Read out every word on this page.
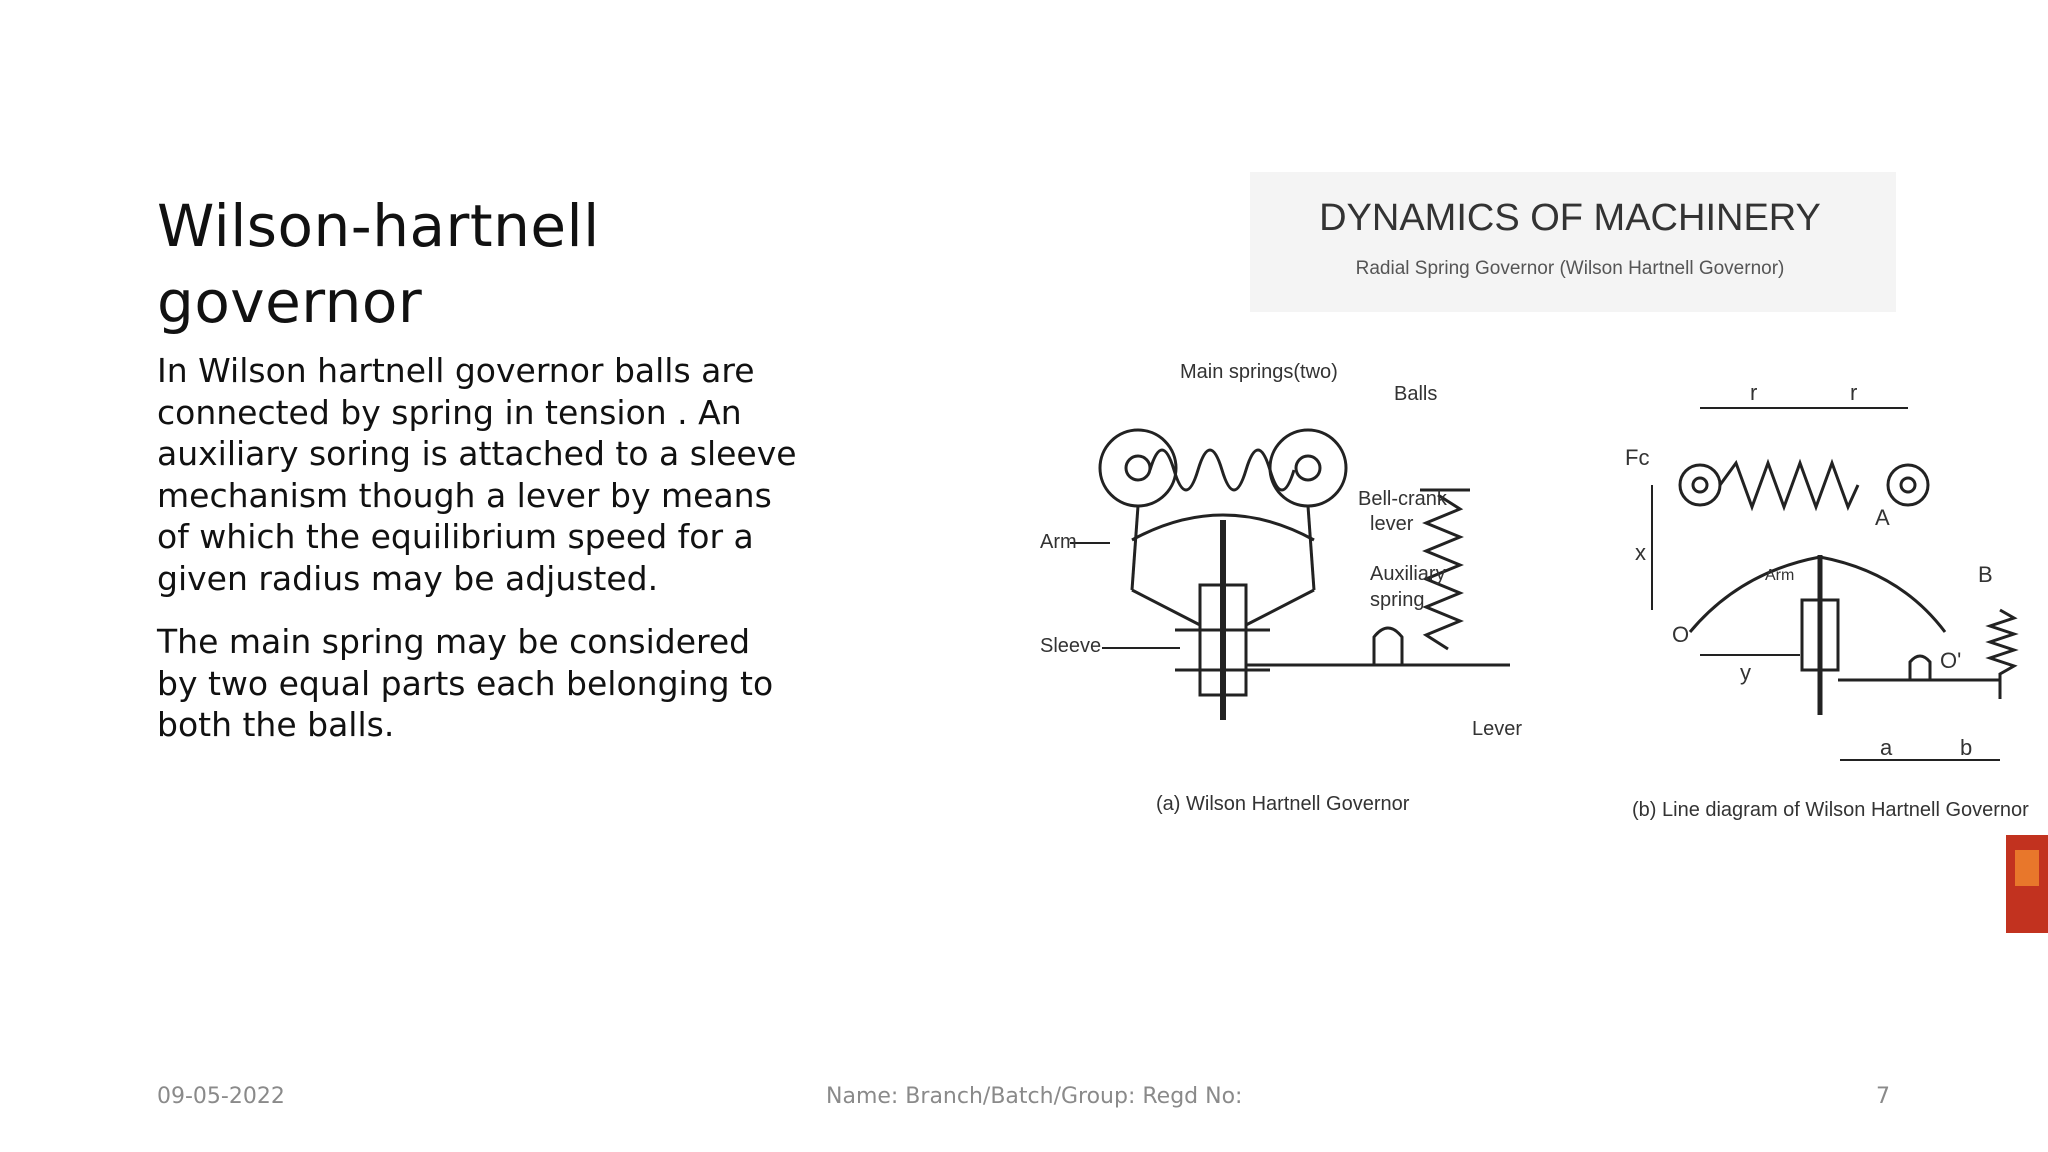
Wilson-hartnell
governor

In Wilson hartnell governor balls are connected by spring in tension . An auxiliary soring is attached to a sleeve mechanism though a lever by means of which the equilibrium speed for a given radius may be adjusted.

The main spring may be considered by two equal parts each belonging to both the balls.

DYNAMICS OF MACHINERY
Radial Spring Governor (Wilson Hartnell Governor)
Main springs(two)
Balls
Bell-crank
lever
Auxiliary
spring
Arm
Sleeve
Lever
(a) Wilson Hartnell Governor
Fc
x
y
r	r
A
O
O'
B
Arm
a	b
(b) Line diagram of Wilson Hartnell Governor
09-05-2022	Name: Branch/Batch/Group: Regd No:	7
